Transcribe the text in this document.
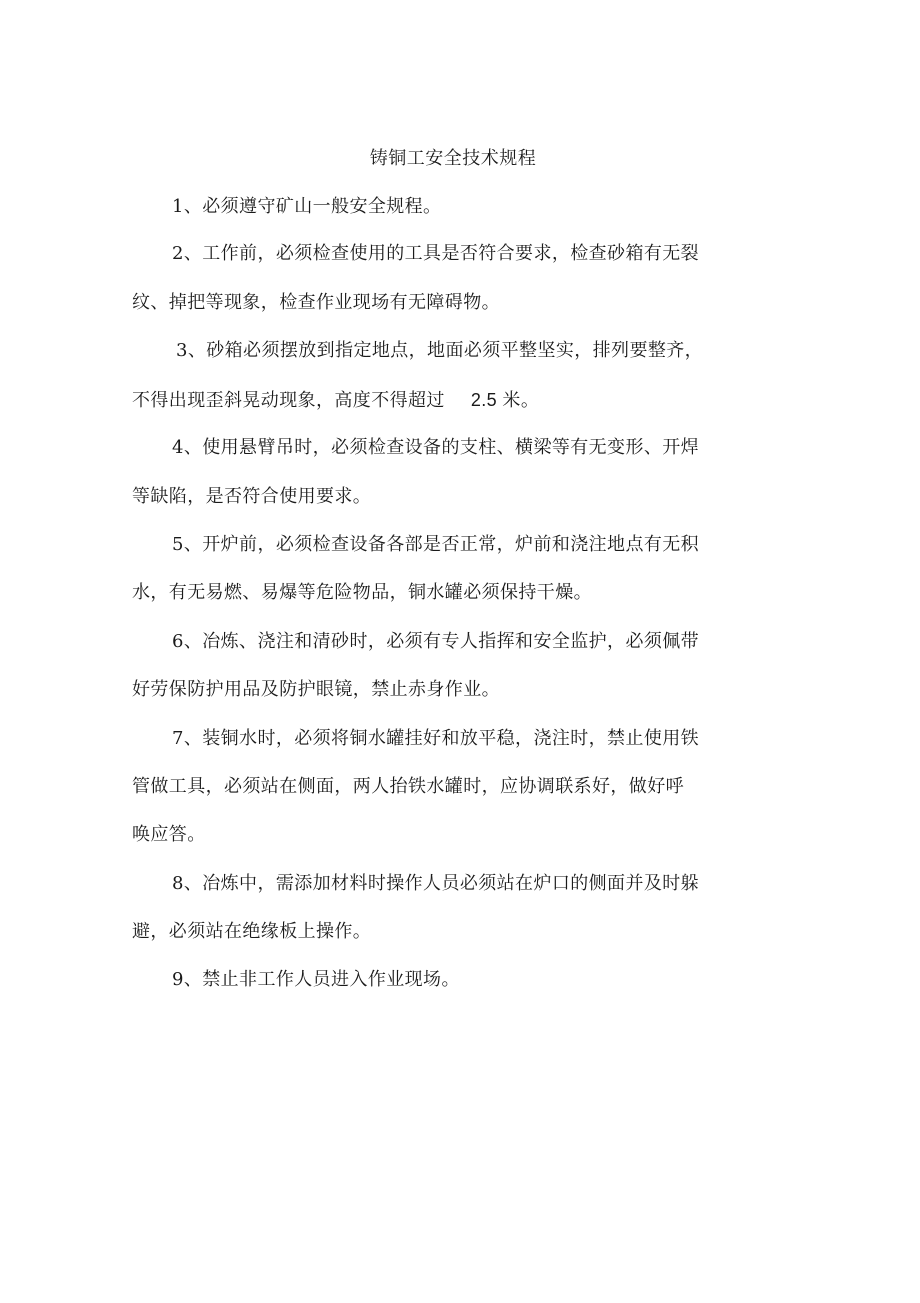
铸铜工安全技术规程
1、必须遵守矿山一般安全规程。
2、工作前，必须检查使用的工具是否符合要求，检查砂箱有无裂
纹、掉把等现象，检查作业现场有无障碍物。
3、砂箱必须摆放到指定地点，地面必须平整坚实，排列要整齐，
不得出现歪斜晃动现象，高度不得超过 2.5 米。
4、使用悬臂吊时，必须检查设备的支柱、横梁等有无变形、开焊
等缺陷，是否符合使用要求。
5、开炉前，必须检查设备各部是否正常，炉前和浇注地点有无积
水，有无易燃、易爆等危险物品，铜水罐必须保持干燥。
6、冶炼、浇注和清砂时，必须有专人指挥和安全监护，必须佩带
好劳保防护用品及防护眼镜，禁止赤身作业。
7、装铜水时，必须将铜水罐挂好和放平稳，浇注时，禁止使用铁
管做工具，必须站在侧面，两人抬铁水罐时，应协调联系好，做好呼
唤应答。
8、冶炼中，需添加材料时操作人员必须站在炉口的侧面并及时躲
避，必须站在绝缘板上操作。
9、禁止非工作人员进入作业现场。
